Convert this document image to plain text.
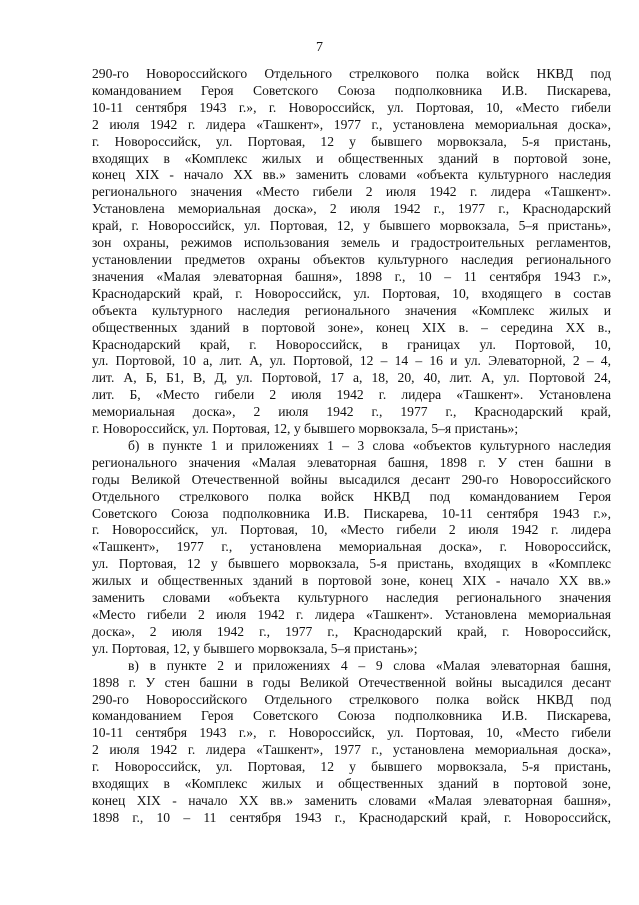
7
290-го Новороссийского Отдельного стрелкового полка войск НКВД под
командованием Героя Советского Союза подполковника И.В. Пискарева,
10-11 сентября 1943 г.», г. Новороссийск, ул. Портовая, 10, «Место гибели
2 июля 1942 г. лидера «Ташкент», 1977 г., установлена мемориальная доска»,
г. Новороссийск, ул. Портовая, 12 у бывшего морвокзала, 5-я пристань,
входящих в «Комплекс жилых и общественных зданий в портовой зоне,
конец XIX - начало XX вв.» заменить словами «объекта культурного наследия
регионального значения «Место гибели 2 июля 1942 г. лидера «Ташкент».
Установлена мемориальная доска», 2 июля 1942 г., 1977 г., Краснодарский
край, г. Новороссийск, ул. Портовая, 12, у бывшего морвокзала, 5–я пристань»,
зон охраны, режимов использования земель и градостроительных регламентов,
установлении предметов охраны объектов культурного наследия регионального
значения «Малая элеваторная башня», 1898 г., 10 – 11 сентября 1943 г.»,
Краснодарский край, г. Новороссийск, ул. Портовая, 10, входящего в состав
объекта культурного наследия регионального значения «Комплекс жилых и
общественных зданий в портовой зоне», конец XIX в. – середина XX в.,
Краснодарский край, г. Новороссийск, в границах ул. Портовой, 10,
ул. Портовой, 10 а, лит. А, ул. Портовой, 12 – 14 – 16 и ул. Элеваторной, 2 – 4,
лит. А, Б, Б1, В, Д, ул. Портовой, 17 а, 18, 20, 40, лит. А, ул. Портовой 24,
лит. Б, «Место гибели 2 июля 1942 г. лидера «Ташкент». Установлена
мемориальная доска», 2 июля 1942 г., 1977 г., Краснодарский край,
г. Новороссийск, ул. Портовая, 12, у бывшего морвокзала, 5–я пристань»;
б) в пункте 1 и приложениях 1 – 3 слова «объектов культурного наследия
регионального значения «Малая элеваторная башня, 1898 г. У стен башни в
годы Великой Отечественной войны высадился десант 290-го Новороссийского
Отдельного стрелкового полка войск НКВД под командованием Героя
Советского Союза подполковника И.В. Пискарева, 10-11 сентября 1943 г.»,
г. Новороссийск, ул. Портовая, 10, «Место гибели 2 июля 1942 г. лидера
«Ташкент», 1977 г., установлена мемориальная доска», г. Новороссийск,
ул. Портовая, 12 у бывшего морвокзала, 5-я пристань, входящих в «Комплекс
жилых и общественных зданий в портовой зоне, конец XIX - начало XX вв.»
заменить словами «объекта культурного наследия регионального значения
«Место гибели 2 июля 1942 г. лидера «Ташкент». Установлена мемориальная
доска», 2 июля 1942 г., 1977 г., Краснодарский край, г. Новороссийск,
ул. Портовая, 12, у бывшего морвокзала, 5–я пристань»;
в) в пункте 2 и приложениях 4 – 9 слова «Малая элеваторная башня,
1898 г. У стен башни в годы Великой Отечественной войны высадился десант
290-го Новороссийского Отдельного стрелкового полка войск НКВД под
командованием Героя Советского Союза подполковника И.В. Пискарева,
10-11 сентября 1943 г.», г. Новороссийск, ул. Портовая, 10, «Место гибели
2 июля 1942 г. лидера «Ташкент», 1977 г., установлена мемориальная доска»,
г. Новороссийск, ул. Портовая, 12 у бывшего морвокзала, 5-я пристань,
входящих в «Комплекс жилых и общественных зданий в портовой зоне,
конец XIX - начало XX вв.» заменить словами «Малая элеваторная башня»,
1898 г., 10 – 11 сентября 1943 г., Краснодарский край, г. Новороссийск,
